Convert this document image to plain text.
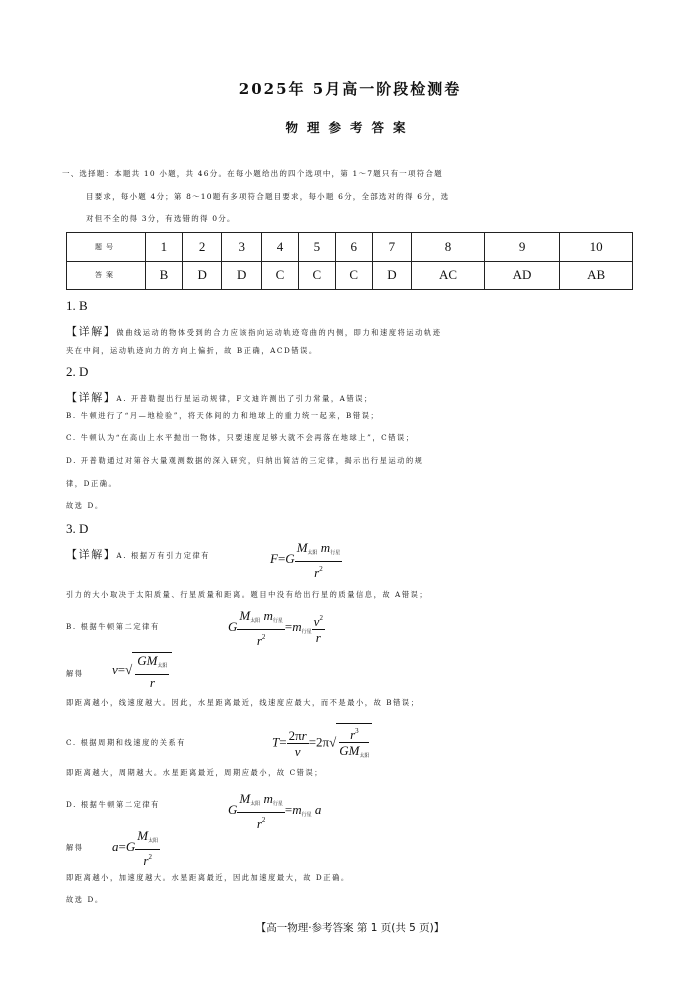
2025年 5月高一阶段检测卷
物理参考答案
一、选择题：本题共 10 小题，共 46分。在每小题给出的四个选项中，第 1～7题只有一项符合题
目要求，每小题 4分；第 8～10题有多项符合题目要求，每小题 6分，全部选对的得 6分，选
对但不全的得 3分，有选错的得 0分。
题号	1	2	3	4	5	6	7	8	9	10
答案	B	D	D	C	C	C	D	AC	AD	AB
1. B
【详解】做曲线运动的物体受到的合力应该指向运动轨迹弯曲的内侧，即力和速度将运动轨迹
夹在中间，运动轨迹向力的方向上偏折，故 B正确，ACD错误。
2. D
【详解】A. 开普勒提出行星运动规律，F文迪许测出了引力常量，A错误；
B. 牛顿进行了“月—地检验”，将天体间的力和地球上的重力统一起来，B错误；
C. 牛顿认为“在高山上水平抛出一物体，只要速度足够大就不会再落在地球上”，C错误；
D. 开普勒通过对第谷大量观测数据的深入研究，归纳出简洁的三定律，揭示出行星运动的规
律，D正确。
故选 D。
3. D
【详解】A. 根据万有引力定律有	$F=G \frac{M_{太阳} m_{行星}}{r^2}$
引力的大小取决于太阳质量、行星质量和距离。题目中没有给出行星的质量信息，故 A错误；
B. 根据牛顿第二定律有	G $\frac{M_{太阳} m_{行星}}{r^2} =m_{行星} \frac{v^2}{r}$
解得 $v=√ \frac{GM_{太阳}}{r}$
即距离越小，线速度越大。因此，水星距离最近，线速度应最大，而不是最小，故 B错误；
C. 根据周期和线速度的关系有	$T= \frac{2\pi r}{v} =2\pi√ \frac{r^3}{GM_{太阳}}$
即距离越大，周期越大。水星距离最近，周期应最小，故 C错误；
D. 根据牛顿第二定律有	G $\frac{M_{太阳} m_{行星}}{r^2} =m_{行星}$ a
解得 $a=G \frac{M_{太阳}}{r^2}$
即距离越小，加速度越大。水星距离最近，因此加速度最大，故 D正确。
故选 D。
【高一物理·参考答案 第 1 页(共 5 页)】
